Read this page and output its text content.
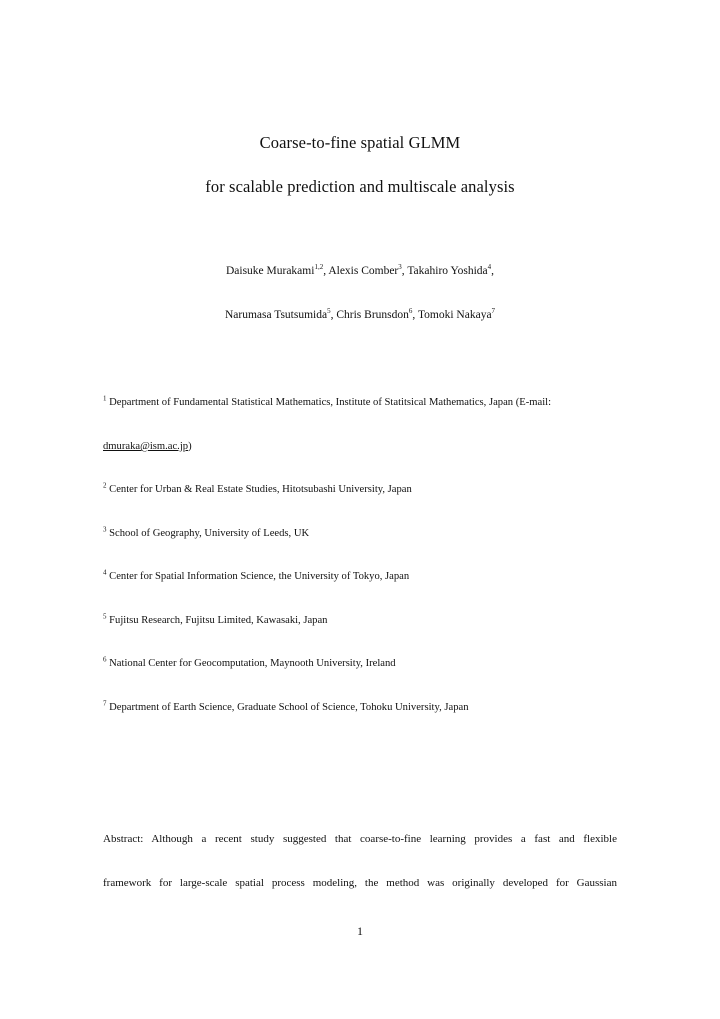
Coarse-to-fine spatial GLMM
for scalable prediction and multiscale analysis
Daisuke Murakami$^{1,2}$, Alexis Comber$^3$, Takahiro Yoshida$^4$,
Narumasa Tsutsumida$^5$, Chris Brunsdon$^6$, Tomoki Nakaya$^7$
$^1$ Department of Fundamental Statistical Mathematics, Institute of Statitsical Mathematics, Japan (E-mail:
dmuraka@ism.ac.jp)
$^2$ Center for Urban & Real Estate Studies, Hitotsubashi University, Japan
$^3$ School of Geography, University of Leeds, UK
$^4$ Center for Spatial Information Science, the University of Tokyo, Japan
$^5$ Fujitsu Research, Fujitsu Limited, Kawasaki, Japan
$^6$ National Center for Geocomputation, Maynooth University, Ireland
$^7$ Department of Earth Science, Graduate School of Science, Tohoku University, Japan
Abstract: Although a recent study suggested that coarse-to-fine learning provides a fast and flexible
framework for large-scale spatial process modeling, the method was originally developed for Gaussian
1
